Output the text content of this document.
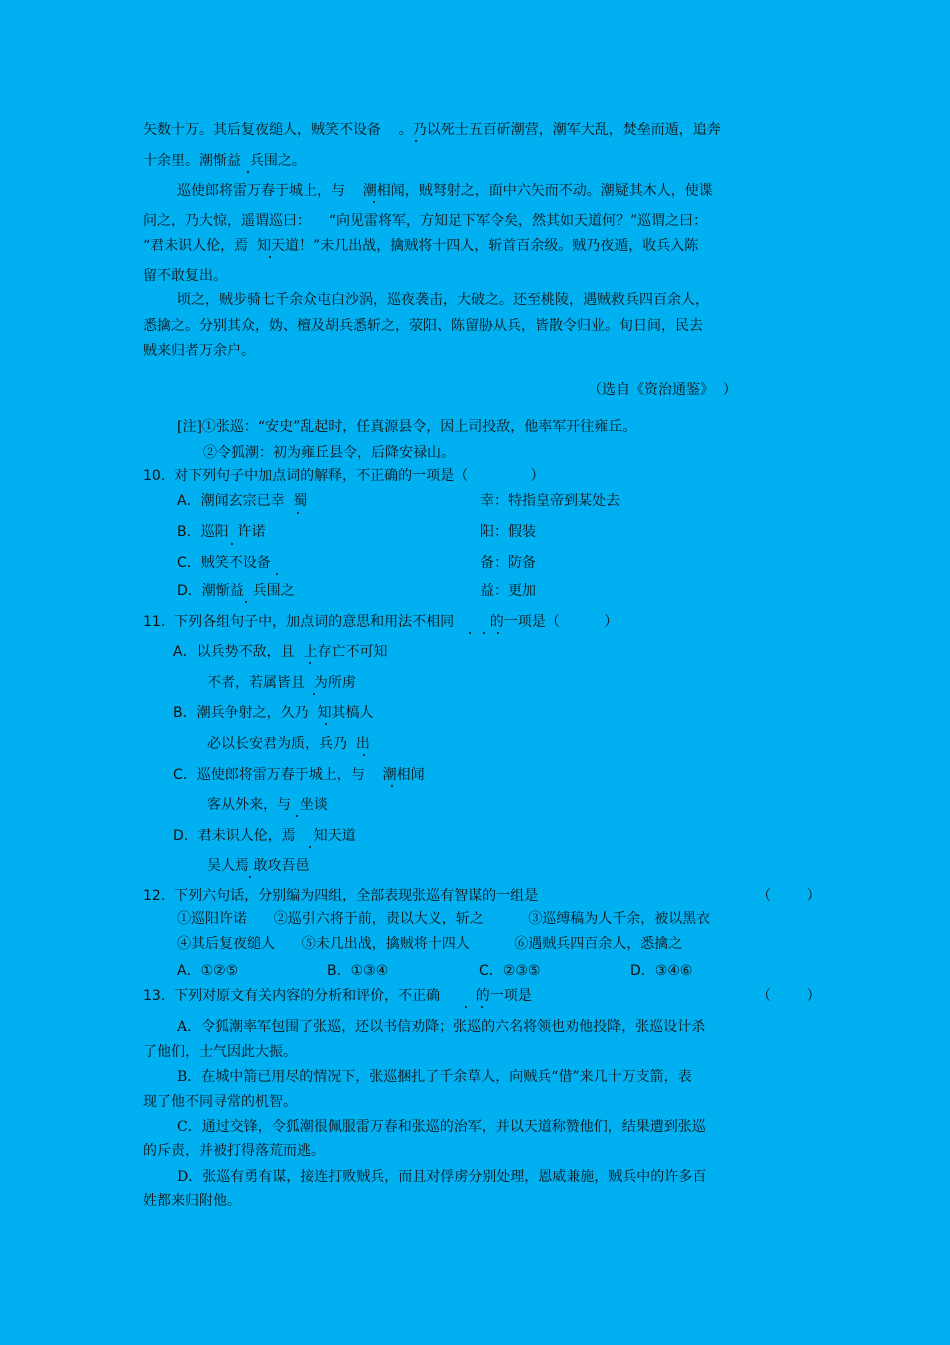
矢数十万。其后复夜缒人，贼笑不设备    。乃以死士五百斫潮营，潮军大乱，焚垒而遁，追奔
十余里。潮惭益  兵围之。
巡使郎将雷万春于城上，与    潮相闻，贼弩射之，面中六矢而不动。潮疑其木人，使谍
问之，乃大惊，遥谓巡曰：    “向见雷将军，方知足下军令矣，然其如天道何？”巡谓之曰：
“君未识人伦，焉  知天道！”未几出战，擒贼将十四人，斩首百余级。贼乃夜遁，收兵入陈
留不敢复出。
顷之，贼步骑七千余众屯白沙涡，巡夜袭击，大破之。还至桃陵，遇贼救兵四百余人，
悉擒之。分别其众，妫、檀及胡兵悉斩之，荥阳、陈留胁从兵，皆散令归业。旬日间，民去
贼来归者万余户。
（选自《资治通鉴》  ）
[注]①张巡：“安史”乱起时，任真源县令，因上司投敌，他率军开往雍丘。
②令狐潮：初为雍丘县令，后降安禄山。
10.  对下列句子中加点词的解释，不正确的一项是（              ）
A．潮闻玄宗已幸  蜀	幸：特指皇帝到某处去
B．巡阳  许诺	阳：假装
C．贼笑不设备	备：防备
D．潮惭益  兵围之	益：更加
11.  下列各组句子中，加点词的意思和用法不相同        的一项是（          ）
A．以兵势不敌，且  上存亡不可知
不者，若属皆且  为所虏
B．潮兵争射之，久乃  知其槁人
必以长安君为质，兵乃  出
C．巡使郎将雷万春于城上，与    潮相闻
客从外来，与  坐谈
D．君未识人伦，焉    知天道
吴人焉 敢攻吾邑
12.  下列六句话，分别编为四组，全部表现张巡有智谋的一组是	（        ）
①巡阳许诺      ②巡引六将于前，责以大义，斩之          ③巡缚稿为人千余，被以黑衣
④其后复夜缒人      ⑤未几出战，擒贼将十四人          ⑥遇贼兵四百余人，悉擒之
A．①②⑤	B．①③④	C．②③⑤	D．③④⑥
13.  下列对原文有关内容的分析和评价，不正确        的一项是	（        ）
A．令狐潮率军包围了张巡，还以书信劝降；张巡的六名将领也劝他投降，张巡设计杀
了他们，士气因此大振。
B．在城中箭已用尽的情况下，张巡捆扎了千余草人，向贼兵“借”来几十万支箭，表
现了他不同寻常的机智。
C．通过交锋，令狐潮很佩服雷万春和张巡的治军，并以天道称赞他们，结果遭到张巡
的斥责，并被打得落荒而逃。
D．张巡有勇有谋，接连打败贼兵，而且对俘虏分别处理，恩威兼施，贼兵中的许多百
姓都来归附他。
